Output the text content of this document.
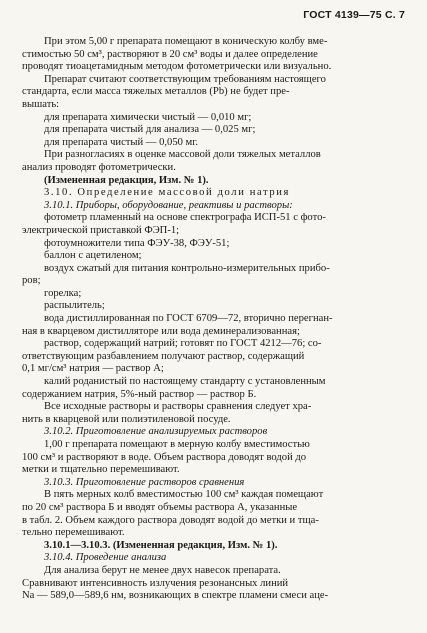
ГОСТ 4139—75 С. 7

При этом 5,00 г препарата помещают в коническую колбу вме-

стимостью 50 см³, растворяют в 20 см³ воды и далее определение

проводят тиоацетамидным методом фотометрически или визуально.

Препарат считают соответствующим требованиям настоящего

стандарта, если масса тяжелых металлов (Pb) не будет пре-

вышать:

для препарата химически чистый — 0,010 мг;

для препарата чистый для анализа — 0,025 мг;

для препарата чистый — 0,050 мг.

При разногласиях в оценке массовой доли тяжелых металлов

анализ проводят фотометрически.

(Измененная редакция, Изм. № 1).

3.10. Определение массовой доли натрия

3.10.1. Приборы, оборудование, реактивы и растворы:

фотометр пламенный на основе спектрографа ИСП-51 с фото-

электрической приставкой ФЭП-1;

фотоумножители типа ФЭУ-38, ФЭУ-51;

баллон с ацетиленом;

воздух сжатый для питания контрольно-измерительных прибо-

ров;

горелка;

распылитель;

вода дистиллированная по ГОСТ 6709—72, вторично перегнан-

ная в кварцевом дистилляторе или вода деминерализованная;

раствор, содержащий натрий; готовят по ГОСТ 4212—76; со-

ответствующим разбавлением получают раствор, содержащий

0,1 мг/см³ натрия — раствор А;

калий роданистый по настоящему стандарту с установленным

содержанием натрия, 5%-ный раствор — раствор Б.

Все исходные растворы и растворы сравнения следует хра-

нить в кварцевой или полиэтиленовой посуде.

3.10.2. Приготовление анализируемых растворов

1,00 г препарата помещают в мерную колбу вместимостью

100 см³ и растворяют в воде. Объем раствора доводят водой до

метки и тщательно перемешивают.

3.10.3. Приготовление растворов сравнения

В пять мерных колб вместимостью 100 см³ каждая помещают

по 20 см³ раствора Б и вводят объемы раствора А, указанные

в табл. 2. Объем каждого раствора доводят водой до метки и тща-

тельно перемешивают.

3.10.1—3.10.3. (Измененная редакция, Изм. № 1).

3.10.4. Проведение анализа

Для анализа берут не менее двух навесок препарата.

Сравнивают интенсивность излучения резонансных линий

Na — 589,0—589,6 нм, возникающих в спектре пламени смеси аце-
